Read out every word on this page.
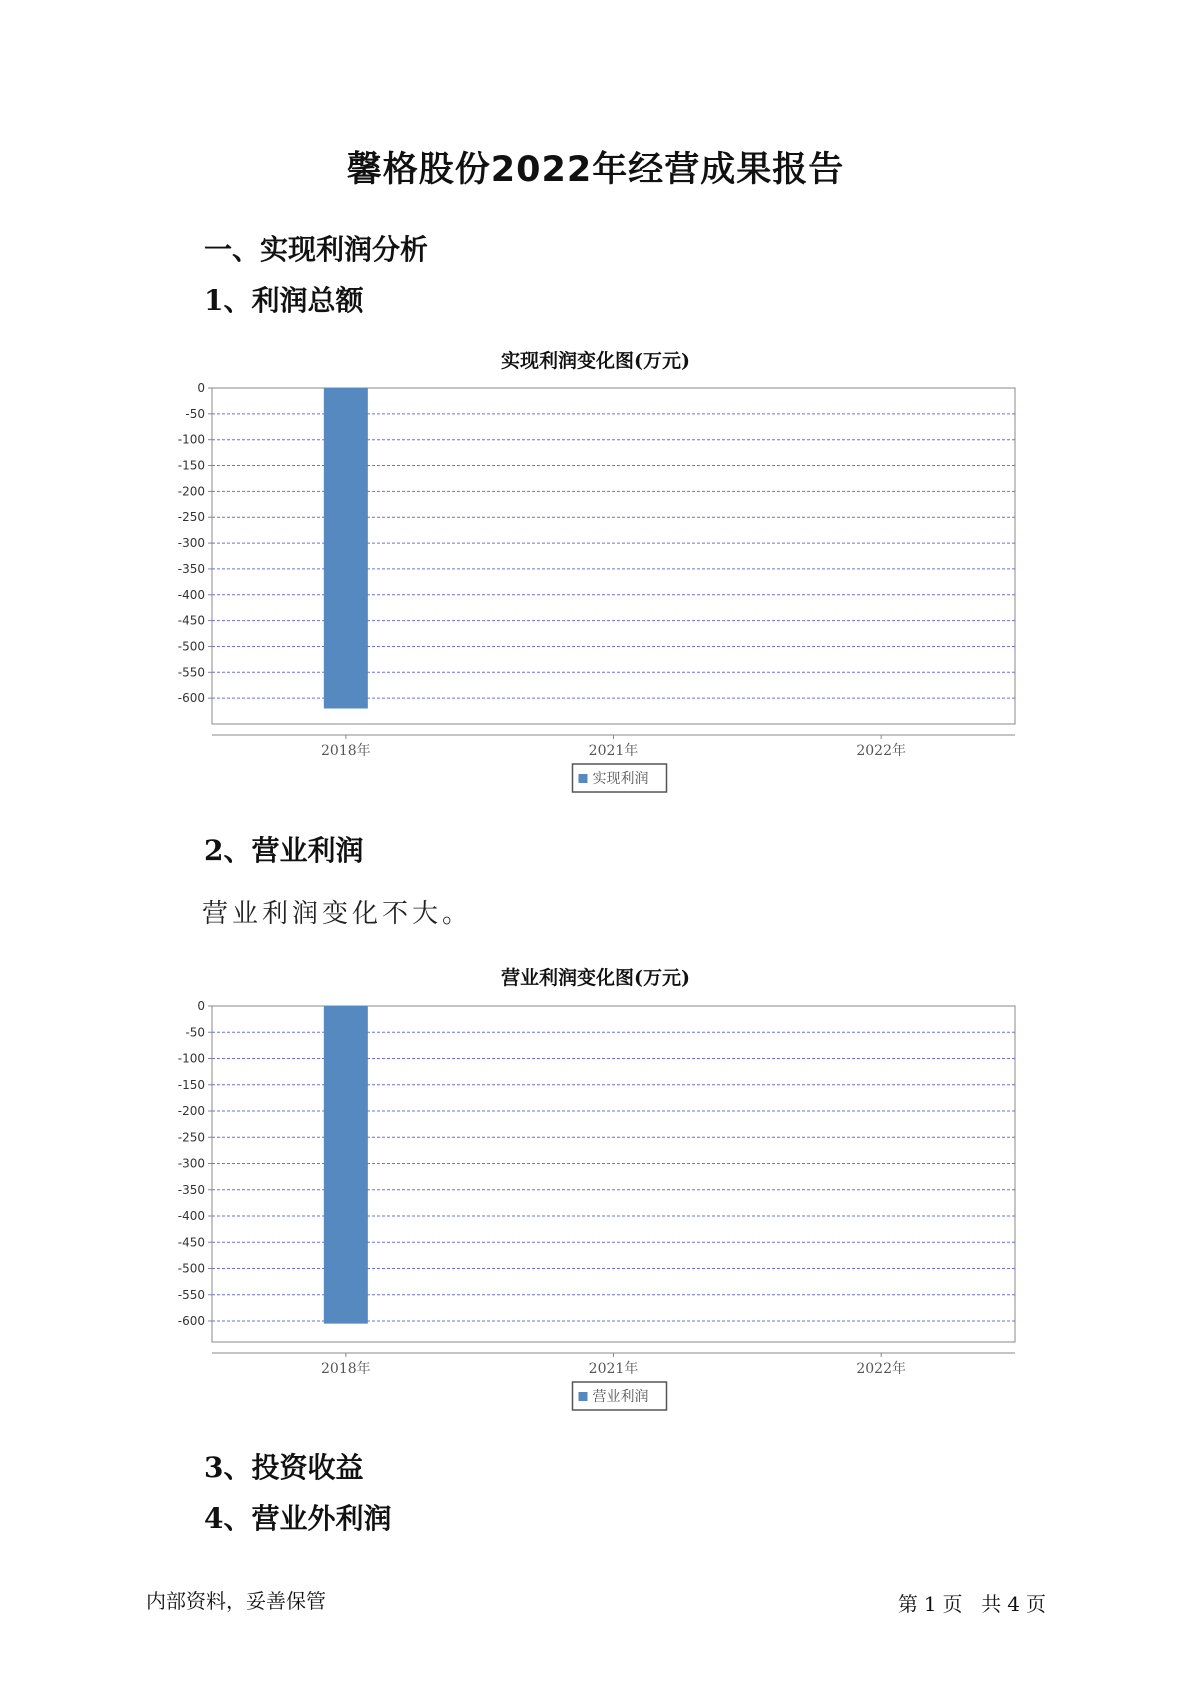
馨格股份2022年经营成果报告
一、实现利润分析
1、利润总额
实现利润变化图(万元)
0
-50
-100
-150
-200
-250
-300
-350
-400
-450
-500
-550
-600
2018年	2021年	2022年
实现利润
2、营业利润
营业利润变化不大。
营业利润变化图(万元)
0
-50
-100
-150
-200
-250
-300
-350
-400
-450
-500
-550
-600
2018年	2021年	2022年
营业利润
3、投资收益
4、营业外利润
内部资料，妥善保管	第 1 页 共 4 页
